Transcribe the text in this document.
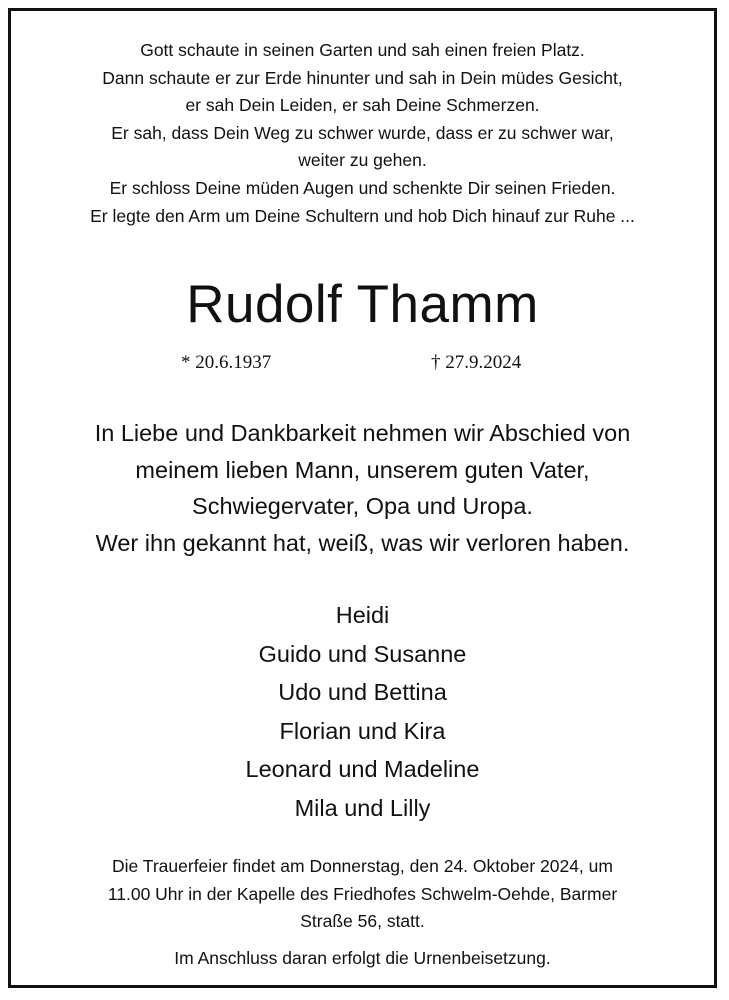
Gott schaute in seinen Garten und sah einen freien Platz.
Dann schaute er zur Erde hinunter und sah in Dein müdes Gesicht,
er sah Dein Leiden, er sah Deine Schmerzen.
Er sah, dass Dein Weg zu schwer wurde, dass er zu schwer war,
weiter zu gehen.
Er schloss Deine müden Augen und schenkte Dir seinen Frieden.
Er legte den Arm um Deine Schultern und hob Dich hinauf zur Ruhe ...
Rudolf Thamm
* 20.6.1937	† 27.9.2024
In Liebe und Dankbarkeit nehmen wir Abschied von
meinem lieben Mann, unserem guten Vater,
Schwiegervater, Opa und Uropa.
Wer ihn gekannt hat, weiß, was wir verloren haben.
Heidi
Guido und Susanne
Udo und Bettina
Florian und Kira
Leonard und Madeline
Mila und Lilly
Die Trauerfeier findet am Donnerstag, den 24. Oktober 2024, um
11.00 Uhr in der Kapelle des Friedhofes Schwelm-Oehde, Barmer
Straße 56, statt.
Im Anschluss daran erfolgt die Urnenbeisetzung.
